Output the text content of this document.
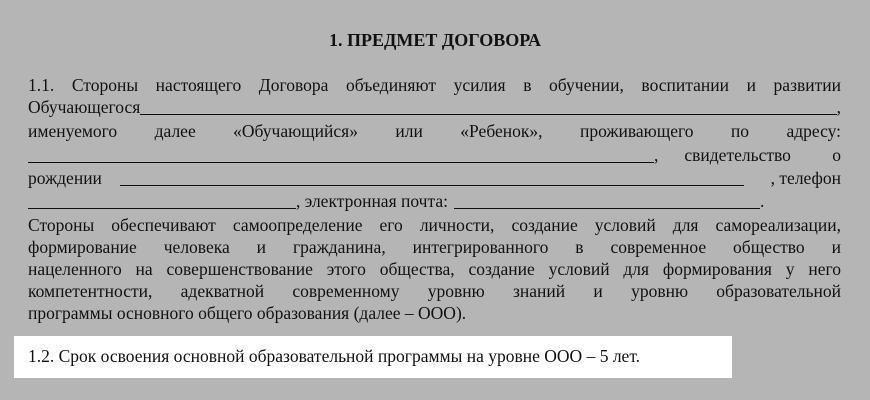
1. ПРЕДМЕТ ДОГОВОРА
1.1. Стороны настоящего Договора объединяют усилия в обучении, воспитании и развитии
Обучающегося	,
именуемого далее «Обучающийся» или «Ребенок», проживающего по адресу:
, свидетельство о
рождении	, телефон
, электронная почта:	.
Стороны обеспечивают самоопределение его личности, создание условий для самореализации,
формирование человека и гражданина, интегрированного в современное общество и
нацеленного на совершенствование этого общества, создание условий для формирования у него
компетентности, адекватной современному уровню знаний и уровню образовательной
программы основного общего образования (далее – ООО).
1.2. Срок освоения основной образовательной программы на уровне ООО – 5 лет.
